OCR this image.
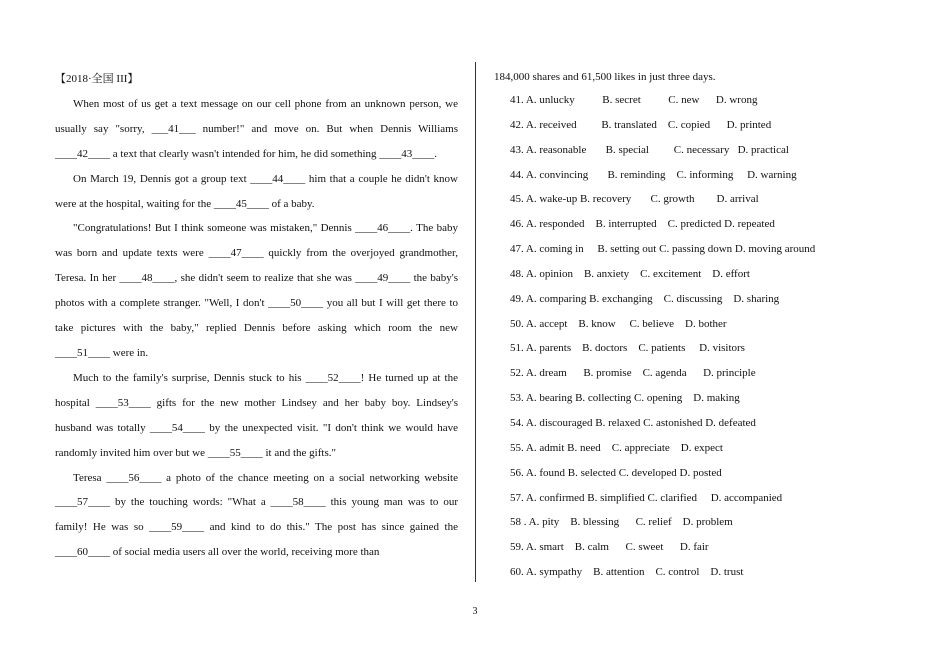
【2018·全国 III】

When most of us get a text message on our cell phone from an unknown person, we usually say "sorry, ___41___ number!" and move on. But when Dennis Williams ____42____ a text that clearly wasn't intended for him, he did something ____43____.

On March 19, Dennis got a group text ____44____ him that a couple he didn't know were at the hospital, waiting for the ____45____ of a baby.

"Congratulations! But I think someone was mistaken," Dennis ____46____. The baby was born and update texts were ____47____ quickly from the overjoyed grandmother, Teresa. In her ____48____, she didn't seem to realize that she was ____49____ the baby's photos with a complete stranger. "Well, I don't ____50____ you all but I will get there to take pictures with the baby," replied Dennis before asking which room the new ____51____ were in.

Much to the family's surprise, Dennis stuck to his ____52____! He turned up at the hospital ____53____ gifts for the new mother Lindsey and her baby boy. Lindsey's husband was totally ____54____ by the unexpected visit. "I don't think we would have randomly invited him over but we ____55____ it and the gifts."

Teresa ____56____ a photo of the chance meeting on a social networking website ____57____ by the touching words: "What a ____58____ this young man was to our family! He was so ____59____ and kind to do this." The post has since gained the ____60____ of social media users all over the world, receiving more than

184,000 shares and 61,500 likes in just three days.
41. A. unlucky          B. secret          C. new      D. wrong
42. A. received         B. translated    C. copied      D. printed
43. A. reasonable       B. special         C. necessary   D. practical
44. A. convincing       B. reminding    C. informing     D. warning
45. A. wake-up B. recovery       C. growth        D. arrival
46. A. responded    B. interrupted    C. predicted D. repeated
47. A. coming in     B. setting out C. passing down D. moving around
48. A. opinion    B. anxiety    C. excitement    D. effort
49. A. comparing B. exchanging    C. discussing    D. sharing
50. A. accept    B. know     C. believe    D. bother
51. A. parents    B. doctors    C. patients     D. visitors
52. A. dream      B. promise    C. agenda      D. principle
53. A. bearing B. collecting C. opening    D. making
54. A. discouraged B. relaxed C. astonished D. defeated
55. A. admit B. need    C. appreciate    D. expect
56. A. found B. selected C. developed D. posted
57. A. confirmed B. simplified C. clarified     D. accompanied
58 . A. pity    B. blessing      C. relief    D. problem
59. A. smart    B. calm      C. sweet      D. fair
60. A. sympathy    B. attention    C. control    D. trust
3
